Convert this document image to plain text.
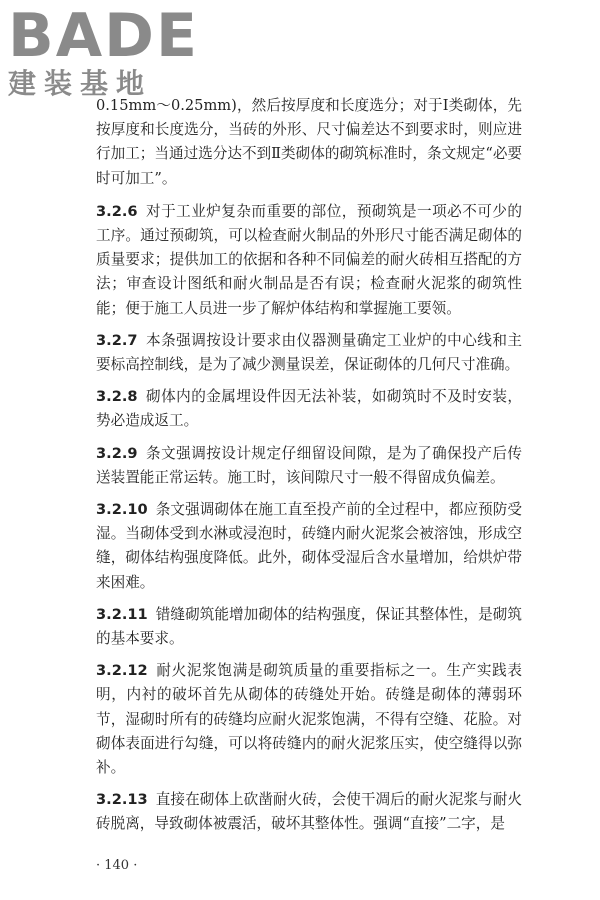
BADE
建装基地

0.15mm～0.25mm)，然后按厚度和长度选分；对于Ⅰ类砌体，先按厚度和长度选分，当砖的外形、尺寸偏差达不到要求时，则应进行加工；当通过选分达不到Ⅱ类砌体的砌筑标准时，条文规定“必要时可加工”。

3.2.6 对于工业炉复杂而重要的部位，预砌筑是一项必不可少的工序。通过预砌筑，可以检查耐火制品的外形尺寸能否满足砌体的质量要求；提供加工的依据和各种不同偏差的耐火砖相互搭配的方法；审查设计图纸和耐火制品是否有误；检查耐火泥浆的砌筑性能；便于施工人员进一步了解炉体结构和掌握施工要领。

3.2.7 本条强调按设计要求由仪器测量确定工业炉的中心线和主要标高控制线，是为了减少测量误差，保证砌体的几何尺寸准确。

3.2.8 砌体内的金属埋设件因无法补装，如砌筑时不及时安装，势必造成返工。

3.2.9 条文强调按设计规定仔细留设间隙，是为了确保投产后传送装置能正常运转。施工时，该间隙尺寸一般不得留成负偏差。

3.2.10 条文强调砌体在施工直至投产前的全过程中，都应预防受湿。当砌体受到水淋或浸泡时，砖缝内耐火泥浆会被溶蚀，形成空缝，砌体结构强度降低。此外，砌体受湿后含水量增加，给烘炉带来困难。

3.2.11 错缝砌筑能增加砌体的结构强度，保证其整体性，是砌筑的基本要求。

3.2.12 耐火泥浆饱满是砌筑质量的重要指标之一。生产实践表明，内衬的破坏首先从砌体的砖缝处开始。砖缝是砌体的薄弱环节，湿砌时所有的砖缝均应耐火泥浆饱满，不得有空缝、花脸。对砌体表面进行勾缝，可以将砖缝内的耐火泥浆压实，使空缝得以弥补。

3.2.13 直接在砌体上砍凿耐火砖，会使干凋后的耐火泥浆与耐火砖脱离，导致砌体被震活，破坏其整体性。强调“直接”二字，是

· 140 ·
